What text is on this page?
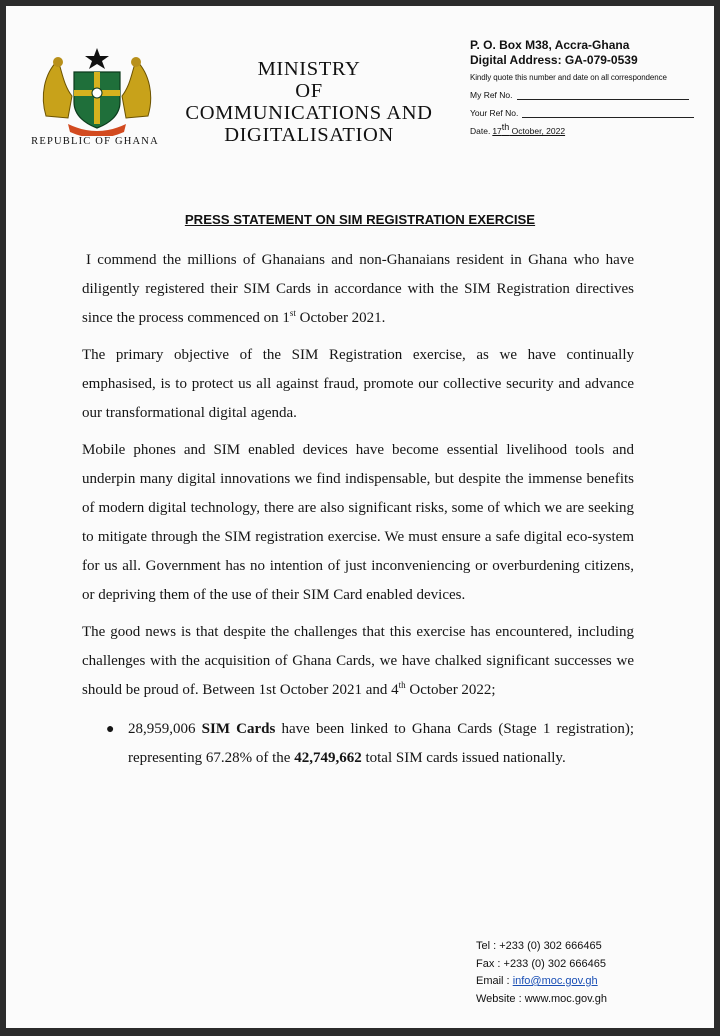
REPUBLIC OF GHANA
MINISTRY
OF
COMMUNICATIONS AND
DIGITALISATION
P. O. Box M38, Accra-Ghana
Digital Address: GA-079-0539
Kindly quote this number and date on all correspondence
My Ref No.
Your Ref No.
Date. 17th October, 2022
PRESS STATEMENT ON SIM REGISTRATION EXERCISE

I commend the millions of Ghanaians and non-Ghanaians resident in Ghana who have diligently registered their SIM Cards in accordance with the SIM Registration directives since the process commenced on 1st October 2021.

The primary objective of the SIM Registration exercise, as we have continually emphasised, is to protect us all against fraud, promote our collective security and advance our transformational digital agenda.

Mobile phones and SIM enabled devices have become essential livelihood tools and underpin many digital innovations we find indispensable, but despite the immense benefits of modern digital technology, there are also significant risks, some of which we are seeking to mitigate through the SIM registration exercise. We must ensure a safe digital eco-system for us all. Government has no intention of just inconveniencing or overburdening citizens, or depriving them of the use of their SIM Card enabled devices.

The good news is that despite the challenges that this exercise has encountered, including challenges with the acquisition of Ghana Cards, we have chalked significant successes we should be proud of. Between 1st October 2021 and 4th October 2022;

● 28,959,006 SIM Cards have been linked to Ghana Cards (Stage 1 registration); representing 67.28% of the 42,749,662 total SIM cards issued nationally.
Tel : +233 (0) 302 666465
Fax : +233 (0) 302 666465
Email : info@moc.gov.gh
Website : www.moc.gov.gh
